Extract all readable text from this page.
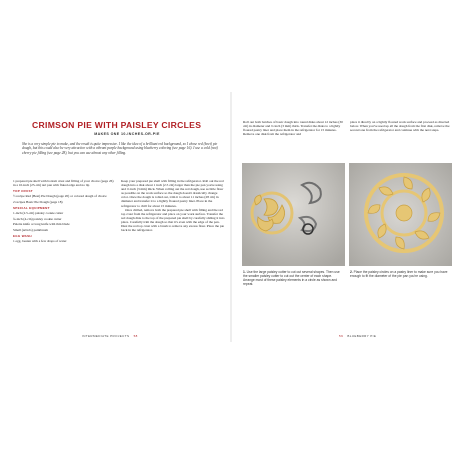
CRIMSON PIE WITH PAISLEY CIRCLES
MAKES ONE 10-INCHES-OR-PIE
She is a very simple pie to make, and the result is quite impressive. I like the idea of a brilliant red background, so I chose red (beet) pie dough, but this could also be very attractive with a vibrant purple background using blueberry coloring (see page 16). I use a cold (not) cherry pie filling (see page 28), but you can use almost any other filling.

1 prepared pie shell with bottom crust and filling of your choice (page 26) in a 10-inch (25-cm) tart pan with fluted edge and no lip

TOP CRUST

½ recipe Red (Beet) Pie Dough (page 20) or colored dough of choice

2 recipes Basic Pie Dough (page 18)

SPECIAL EQUIPMENT

1-inch (2.5-cm) paisley cookie cutter

¾-inch (4-cm) paisley cookie cutter

Palette knife or long knife with thin blade

Small (artist's) paintbrush

EGG WASH

1 egg, beaten with a few drops of water

Keep your prepared pie shell with filling in the refrigerator. Roll out the red dough into a disk about 1 inch (2.5 cm) larger than the pie pan you're using and ⅛ inch (3 mm) thick. When rolling out the red dough, use as little flour as possible on the work surface so the dough doesn't drastically change color. Once the dough is rolled out, trim it to about 11 inches (28 cm) in diameter and transfer it to a lightly floured pastry liner. Place in the refrigerator to chill for about 15 minutes.

Once chilled, remove both the prepared pie shell with filling and the red top crust from the refrigerator and place on your work surface. Transfer the red dough disk to the top of the prepared pie shell by carefully sliding it into place. Carefully trim the dough so that it's even with the edge of the pan. Dust the red top crust with a brush to remove any excess flour. Place the pie back in the refrigerator.

INTERMEDIATE PROJECTS 58
Roll out both batches of basic dough into round disks about 12 inches (30 cm) in diameter and ⅛ inch (3 mm) thick. Transfer the disks to a lightly floured pastry liner and place them in the refrigerator for 15 minutes. Remove one disk from the refrigerator and
place it directly on a lightly floured work surface and proceed as directed below. When you've used up all the dough from the first disk, remove the second one from the refrigerator and continue with the next steps.
1. Use the large paisley cutter to cut out several shapes. Then use the smaller paisley cutter to cut out the center of each shape. Arrange most of these paisley elements in a circle as shown and repeat.
2. Place the paisley circles on a pastry liner to make sure you have enough to fit the diameter of the pie pan you're using.
59 BLUEBERRY PIE
